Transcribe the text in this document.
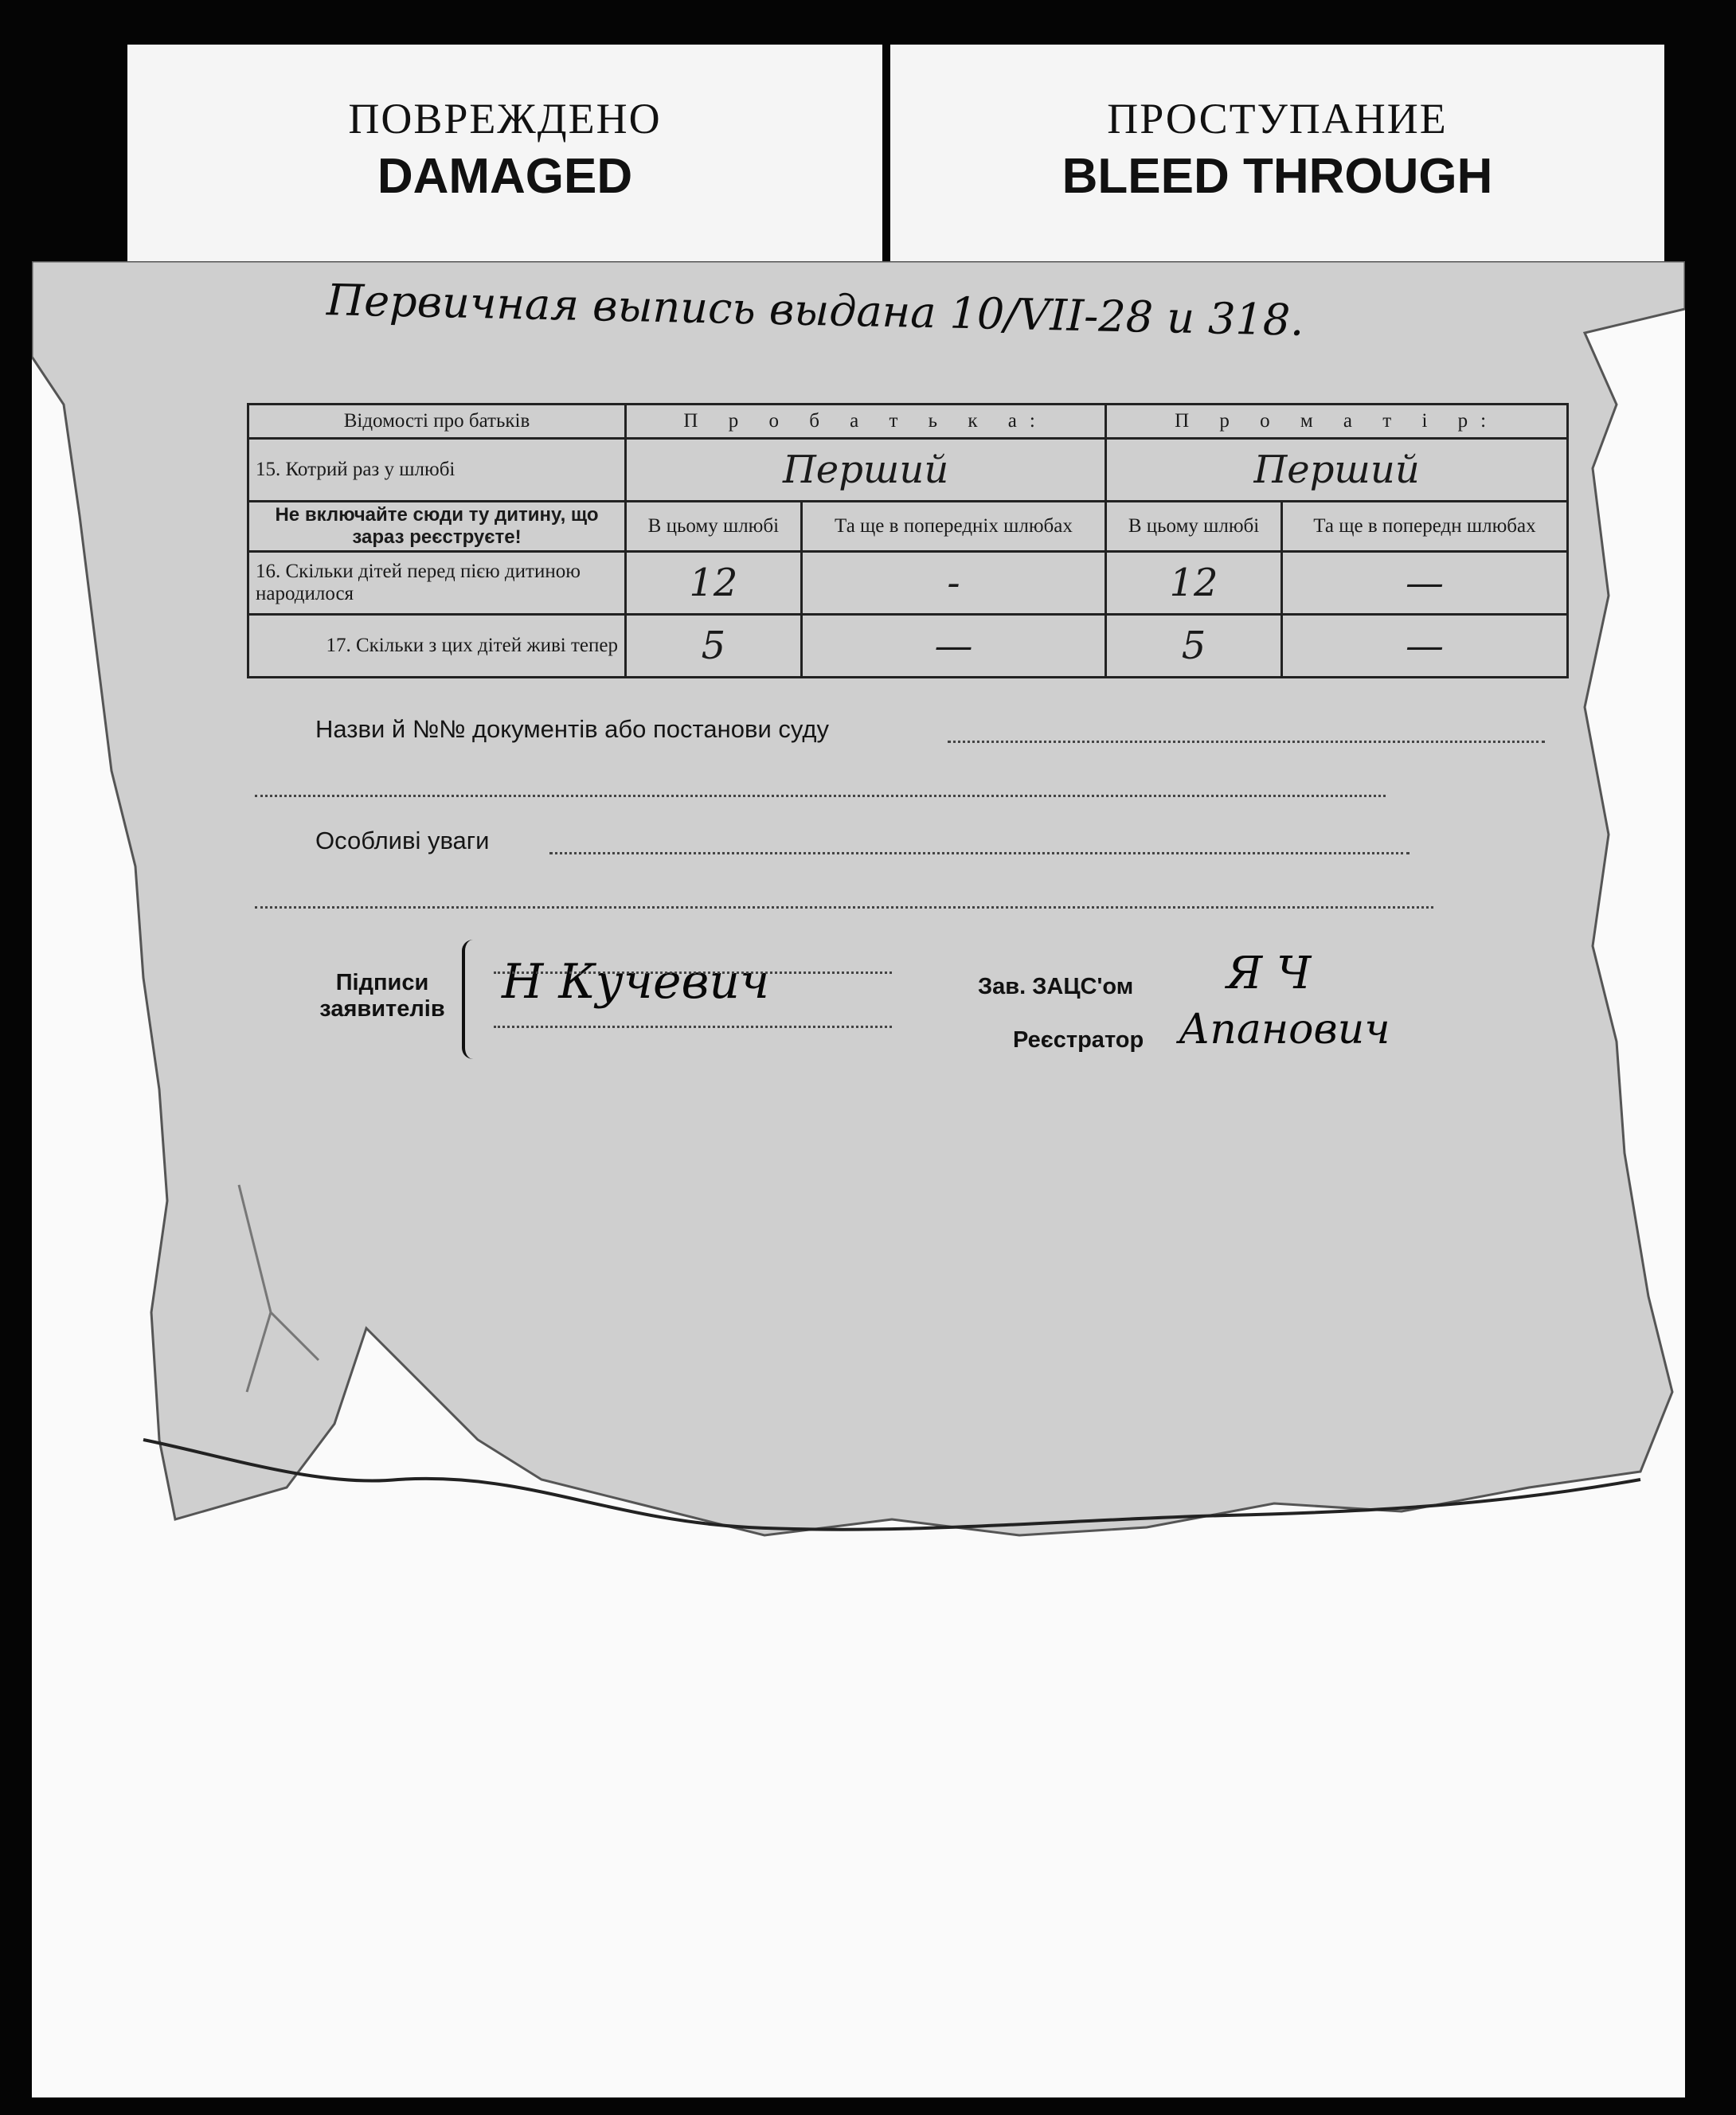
ПОВРЕЖДЕНО
DAMAGED
ПРОСТУПАНИЕ
BLEED THROUGH
Первичная выпись выдана 10/VII-28 и 318.
Відомості про батьків	П р о б а т ь к а:		П р о м а т і р:	
15. Котрий раз у шлюбі	Перший		Перший	
Не включайте сюди ту дитину, що зараз реєструєте!	В цьому шлюбі	Та ще в попередніх шлюбах	В цьому шлюбі	Та ще в попередн шлюбах
16. Скільки дітей перед пією дитиною народилося	12	-	12	—
17. Скільки з цих дітей живі тепер	5	—	5	—
Назви й №№ документів або постанови суду
Особливі уваги
Підписи заявителів	Н Кучевич	Зав. ЗАЦС'ом Я Ч
Реєстратор Апанович
